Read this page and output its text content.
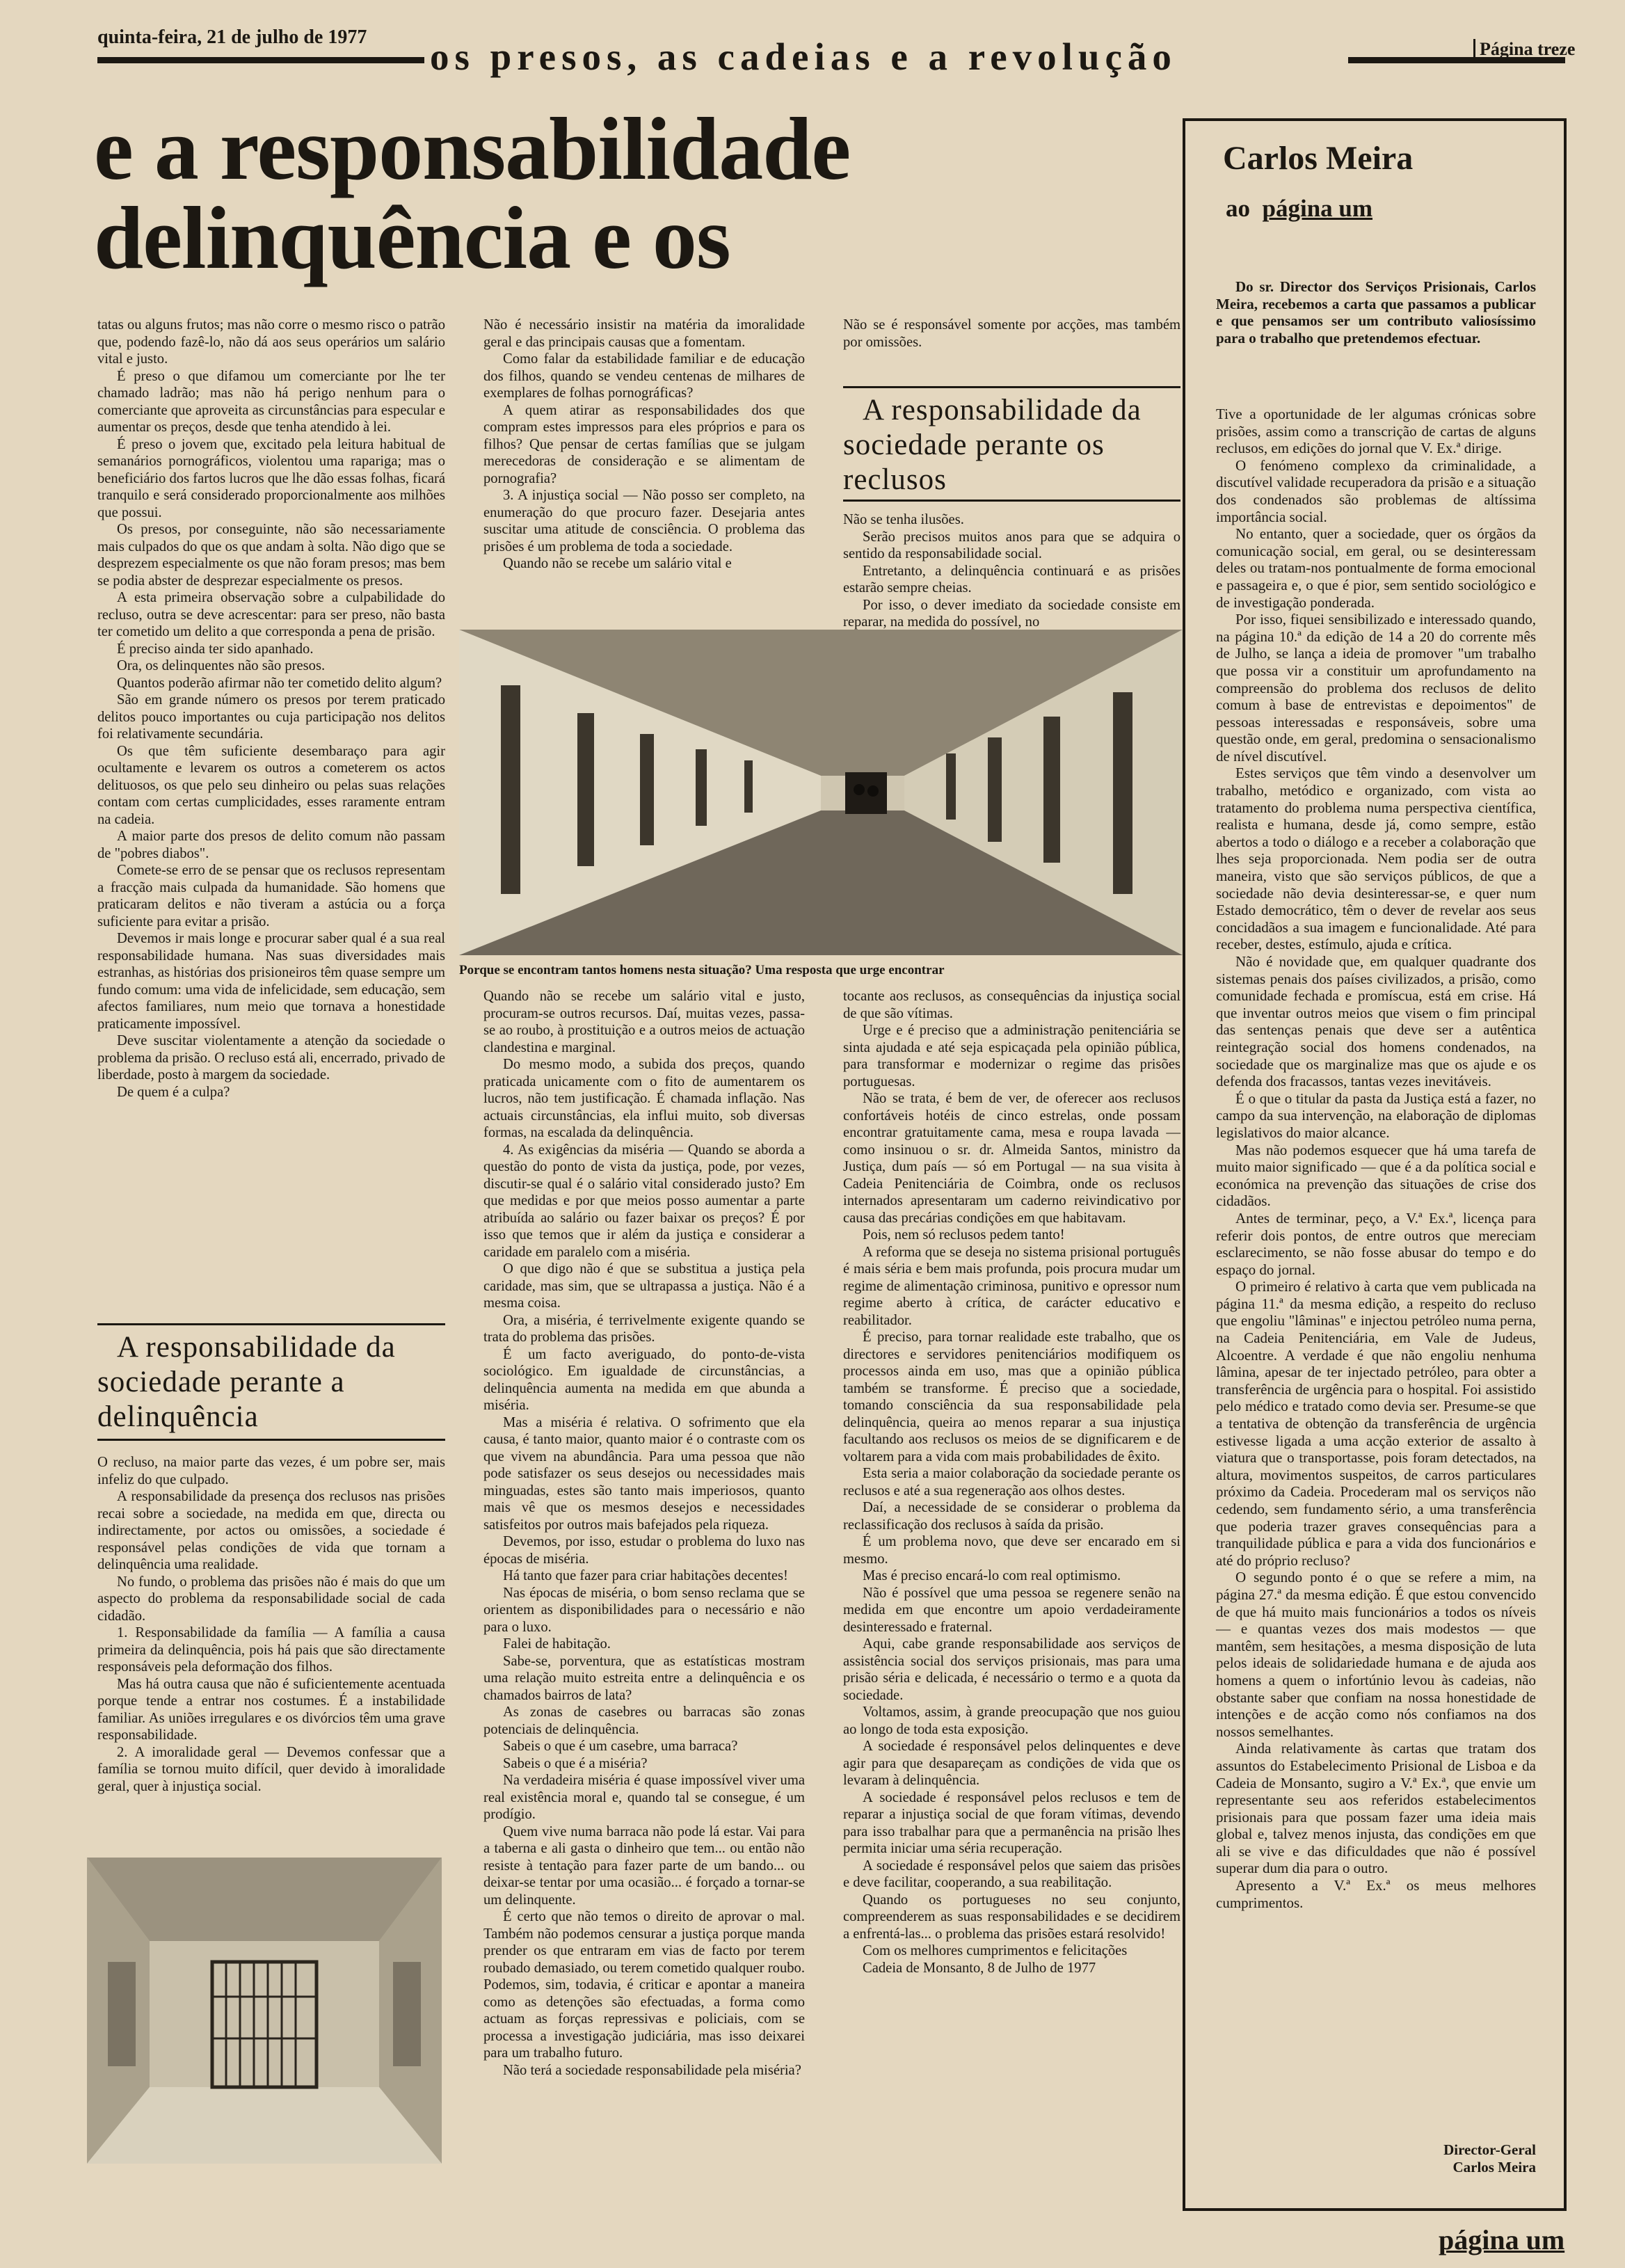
quinta-feira, 21 de julho de 1977 os presos, as cadeias e a revolução	Página treze
e a responsabilidade
delinquência e os

tatas ou alguns frutos; mas não corre o mesmo risco o patrão que, podendo fazê-lo, não dá aos seus operários um salário vital e justo.

É preso o que difamou um comerciante por lhe ter chamado ladrão; mas não há perigo nenhum para o comerciante que aproveita as circunstâncias para especular e aumentar os preços, desde que tenha atendido à lei.

É preso o jovem que, excitado pela leitura habitual de semanários pornográficos, violentou uma rapariga; mas o beneficiário dos fartos lucros que lhe dão essas folhas, ficará tranquilo e será considerado proporcionalmente aos milhões que possui.

Os presos, por conseguinte, não são necessariamente mais culpados do que os que andam à solta. Não digo que se desprezem especialmente os que não foram presos; mas bem se podia abster de desprezar especialmente os presos.

A esta primeira observação sobre a culpabilidade do recluso, outra se deve acrescentar: para ser preso, não basta ter cometido um delito a que corresponda a pena de prisão.

É preciso ainda ter sido apanhado.

Ora, os delinquentes não são presos.

Quantos poderão afirmar não ter cometido delito algum?

São em grande número os presos por terem praticado delitos pouco importantes ou cuja participação nos delitos foi relativamente secundária.

Os que têm suficiente desembaraço para agir ocultamente e levarem os outros a cometerem os actos delituosos, os que pelo seu dinheiro ou pelas suas relações contam com certas cumplicidades, esses raramente entram na cadeia.

A maior parte dos presos de delito comum não passam de "pobres diabos".

Comete-se erro de se pensar que os reclusos representam a fracção mais culpada da humanidade. São homens que praticaram delitos e não tiveram a astúcia ou a força suficiente para evitar a prisão.

Devemos ir mais longe e procurar saber qual é a sua real responsabilidade humana. Nas suas diversidades mais estranhas, as histórias dos prisioneiros têm quase sempre um fundo comum: uma vida de infelicidade, sem educação, sem afectos familiares, num meio que tornava a honestidade praticamente impossível.

Deve suscitar violentamente a atenção da sociedade o problema da prisão. O recluso está ali, encerrado, privado de liberdade, posto à margem da sociedade.

De quem é a culpa?

A responsabilidade da sociedade perante a delinquência

O recluso, na maior parte das vezes, é um pobre ser, mais infeliz do que culpado.

A responsabilidade da presença dos reclusos nas prisões recai sobre a sociedade, na medida em que, directa ou indirectamente, por actos ou omissões, a sociedade é responsável pelas condições de vida que tornam a delinquência uma realidade.

No fundo, o problema das prisões não é mais do que um aspecto do problema da responsabilidade social de cada cidadão.

1. Responsabilidade da família — A família a causa primeira da delinquência, pois há pais que são directamente responsáveis pela deformação dos filhos.

Mas há outra causa que não é suficientemente acentuada porque tende a entrar nos costumes. É a instabilidade familiar. As uniões irregulares e os divórcios têm uma grave responsabilidade.

2. A imoralidade geral — Devemos confessar que a família se tornou muito difícil, quer devido à imoralidade geral, quer à injustiça social.

Não é necessário insistir na matéria da imoralidade geral e das principais causas que a fomentam.

Como falar da estabilidade familiar e de educação dos filhos, quando se vendeu centenas de milhares de exemplares de folhas pornográficas?

A quem atirar as responsabilidades dos que compram estes impressos para eles próprios e para os filhos? Que pensar de certas famílias que se julgam merecedoras de consideração e se alimentam de pornografia?

3. A injustiça social — Não posso ser completo, na enumeração do que procuro fazer. Desejaria antes suscitar uma atitude de consciência. O problema das prisões é um problema de toda a sociedade.

Quando não se recebe um salário vital e

Não se é responsável somente por acções, mas também por omissões.

A responsabilidade da sociedade perante os reclusos

Não se tenha ilusões.

Serão precisos muitos anos para que se adquira o sentido da responsabilidade social.

Entretanto, a delinquência continuará e as prisões estarão sempre cheias.

Por isso, o dever imediato da sociedade consiste em reparar, na medida do possível, no

Porque se encontram tantos homens nesta situação? Uma resposta que urge encontrar

Quando não se recebe um salário vital e justo, procuram-se outros recursos. Daí, muitas vezes, passa-se ao roubo, à prostituição e a outros meios de actuação clandestina e marginal.

Do mesmo modo, a subida dos preços, quando praticada unicamente com o fito de aumentarem os lucros, não tem justificação. É chamada inflação. Nas actuais circunstâncias, ela influi muito, sob diversas formas, na escalada da delinquência.

4. As exigências da miséria — Quando se aborda a questão do ponto de vista da justiça, pode, por vezes, discutir-se qual é o salário vital considerado justo? Em que medidas e por que meios posso aumentar a parte atribuída ao salário ou fazer baixar os preços? É por isso que temos que ir além da justiça e considerar a caridade em paralelo com a miséria.

O que digo não é que se substitua a justiça pela caridade, mas sim, que se ultrapassa a justiça. Não é a mesma coisa.

Ora, a miséria, é terrivelmente exigente quando se trata do problema das prisões.

É um facto averiguado, do ponto-de-vista sociológico. Em igualdade de circunstâncias, a delinquência aumenta na medida em que abunda a miséria.

Mas a miséria é relativa. O sofrimento que ela causa, é tanto maior, quanto maior é o contraste com os que vivem na abundância. Para uma pessoa que não pode satisfazer os seus desejos ou necessidades mais minguadas, estes são tanto mais imperiosos, quanto mais vê que os mesmos desejos e necessidades satisfeitos por outros mais bafejados pela riqueza.

Devemos, por isso, estudar o problema do luxo nas épocas de miséria.

Há tanto que fazer para criar habitações decentes!

Nas épocas de miséria, o bom senso reclama que se orientem as disponibilidades para o necessário e não para o luxo.

Falei de habitação.

Sabe-se, porventura, que as estatísticas mostram uma relação muito estreita entre a delinquência e os chamados bairros de lata?

As zonas de casebres ou barracas são zonas potenciais de delinquência.

Sabeis o que é um casebre, uma barraca?

Sabeis o que é a miséria?

Na verdadeira miséria é quase impossível viver uma real existência moral e, quando tal se consegue, é um prodígio.

Quem vive numa barraca não pode lá estar. Vai para a taberna e ali gasta o dinheiro que tem... ou então não resiste à tentação para fazer parte de um bando... ou deixar-se tentar por uma ocasião... é forçado a tornar-se um delinquente.

É certo que não temos o direito de aprovar o mal. Também não podemos censurar a justiça porque manda prender os que entraram em vias de facto por terem roubado demasiado, ou terem cometido qualquer roubo. Podemos, sim, todavia, é criticar e apontar a maneira como as detenções são efectuadas, a forma como actuam as forças repressivas e policiais, com se processa a investigação judiciária, mas isso deixarei para um trabalho futuro.

Não terá a sociedade responsabilidade pela miséria?

tocante aos reclusos, as consequências da injustiça social de que são vítimas.

Urge e é preciso que a administração penitenciária se sinta ajudada e até seja espicaçada pela opinião pública, para transformar e modernizar o regime das prisões portuguesas.

Não se trata, é bem de ver, de oferecer aos reclusos confortáveis hotéis de cinco estrelas, onde possam encontrar gratuitamente cama, mesa e roupa lavada — como insinuou o sr. dr. Almeida Santos, ministro da Justiça, dum país — só em Portugal — na sua visita à Cadeia Penitenciária de Coimbra, onde os reclusos internados apresentaram um caderno reivindicativo por causa das precárias condições em que habitavam.

Pois, nem só reclusos pedem tanto!

A reforma que se deseja no sistema prisional português é mais séria e bem mais profunda, pois procura mudar um regime de alimentação criminosa, punitivo e opressor num regime aberto à crítica, de carácter educativo e reabilitador.

É preciso, para tornar realidade este trabalho, que os directores e servidores penitenciários modifiquem os processos ainda em uso, mas que a opinião pública também se transforme. É preciso que a sociedade, tomando consciência da sua responsabilidade pela delinquência, queira ao menos reparar a sua injustiça facultando aos reclusos os meios de se dignificarem e de voltarem para a vida com mais probabilidades de êxito.

Esta seria a maior colaboração da sociedade perante os reclusos e até a sua regeneração aos olhos destes.

Daí, a necessidade de se considerar o problema da reclassificação dos reclusos à saída da prisão.

É um problema novo, que deve ser encarado em si mesmo.

Mas é preciso encará-lo com real optimismo.

Não é possível que uma pessoa se regenere senão na medida em que encontre um apoio verdadeiramente desinteressado e fraternal.

Aqui, cabe grande responsabilidade aos serviços de assistência social dos serviços prisionais, mas para uma prisão séria e delicada, é necessário o termo e a quota da sociedade.

Voltamos, assim, à grande preocupação que nos guiou ao longo de toda esta exposição.

A sociedade é responsável pelos delinquentes e deve agir para que desapareçam as condições de vida que os levaram à delinquência.

A sociedade é responsável pelos reclusos e tem de reparar a injustiça social de que foram vítimas, devendo para isso trabalhar para que a permanência na prisão lhes permita iniciar uma séria recuperação.

A sociedade é responsável pelos que saiem das prisões e deve facilitar, cooperando, a sua reabilitação.

Quando os portugueses no seu conjunto, compreenderem as suas responsabilidades e se decidirem a enfrentá-las... o problema das prisões estará resolvido!

Com os melhores cumprimentos e felicitações

Cadeia de Monsanto, 8 de Julho de 1977

Carlos Meira
ao página um

Do sr. Director dos Serviços Prisionais, Carlos Meira, recebemos a carta que passamos a publicar e que pensamos ser um contributo valiosíssimo para o trabalho que pretendemos efectuar.

Tive a oportunidade de ler algumas crónicas sobre prisões, assim como a transcrição de cartas de alguns reclusos, em edições do jornal que V. Ex.ª dirige.

O fenómeno complexo da criminalidade, a discutível validade recuperadora da prisão e a situação dos condenados são problemas de altíssima importância social.

No entanto, quer a sociedade, quer os órgãos da comunicação social, em geral, ou se desinteressam deles ou tratam-nos pontualmente de forma emocional e passageira e, o que é pior, sem sentido sociológico e de investigação ponderada.

Por isso, fiquei sensibilizado e interessado quando, na página 10.ª da edição de 14 a 20 do corrente mês de Julho, se lança a ideia de promover "um trabalho que possa vir a constituir um aprofundamento na compreensão do problema dos reclusos de delito comum à base de entrevistas e depoimentos" de pessoas interessadas e responsáveis, sobre uma questão onde, em geral, predomina o sensacionalismo de nível discutível.

Estes serviços que têm vindo a desenvolver um trabalho, metódico e organizado, com vista ao tratamento do problema numa perspectiva científica, realista e humana, desde já, como sempre, estão abertos a todo o diálogo e a receber a colaboração que lhes seja proporcionada. Nem podia ser de outra maneira, visto que são serviços públicos, de que a sociedade não devia desinteressar-se, e quer num Estado democrático, têm o dever de revelar aos seus concidadãos a sua imagem e funcionalidade. Até para receber, destes, estímulo, ajuda e crítica.

Não é novidade que, em qualquer quadrante dos sistemas penais dos países civilizados, a prisão, como comunidade fechada e promíscua, está em crise. Há que inventar outros meios que visem o fim principal das sentenças penais que deve ser a autêntica reintegração social dos homens condenados, na sociedade que os marginalize mas que os ajude e os defenda dos fracassos, tantas vezes inevitáveis.

É o que o titular da pasta da Justiça está a fazer, no campo da sua intervenção, na elaboração de diplomas legislativos do maior alcance.

Mas não podemos esquecer que há uma tarefa de muito maior significado — que é a da política social e económica na prevenção das situações de crise dos cidadãos.

Antes de terminar, peço, a V.ª Ex.ª, licença para referir dois pontos, de entre outros que mereciam esclarecimento, se não fosse abusar do tempo e do espaço do jornal.

O primeiro é relativo à carta que vem publicada na página 11.ª da mesma edição, a respeito do recluso que engoliu "lâminas" e injectou petróleo numa perna, na Cadeia Penitenciária, em Vale de Judeus, Alcoentre. A verdade é que não engoliu nenhuma lâmina, apesar de ter injectado petróleo, para obter a transferência de urgência para o hospital. Foi assistido pelo médico e tratado como devia ser. Presume-se que a tentativa de obtenção da transferência de urgência estivesse ligada a uma acção exterior de assalto à viatura que o transportasse, pois foram detectados, na altura, movimentos suspeitos, de carros particulares próximo da Cadeia. Procederam mal os serviços não cedendo, sem fundamento sério, a uma transferência que poderia trazer graves consequências para a tranquilidade pública e para a vida dos funcionários e até do próprio recluso?

O segundo ponto é o que se refere a mim, na página 27.ª da mesma edição. É que estou convencido de que há muito mais funcionários a todos os níveis — e quantas vezes dos mais modestos — que mantêm, sem hesitações, a mesma disposição de luta pelos ideais de solidariedade humana e de ajuda aos homens a quem o infortúnio levou às cadeias, não obstante saber que confiam na nossa honestidade de intenções e de acção como nós confiamos na dos nossos semelhantes.

Ainda relativamente às cartas que tratam dos assuntos do Estabelecimento Prisional de Lisboa e da Cadeia de Monsanto, sugiro a V.ª Ex.ª, que envie um representante seu aos referidos estabelecimentos prisionais para que possam fazer uma ideia mais global e, talvez menos injusta, das condições em que ali se vive e das dificuldades que não é possível superar dum dia para o outro.

Apresento a V.ª Ex.ª os meus melhores cumprimentos.

Director-Geral

Carlos Meira

página um
